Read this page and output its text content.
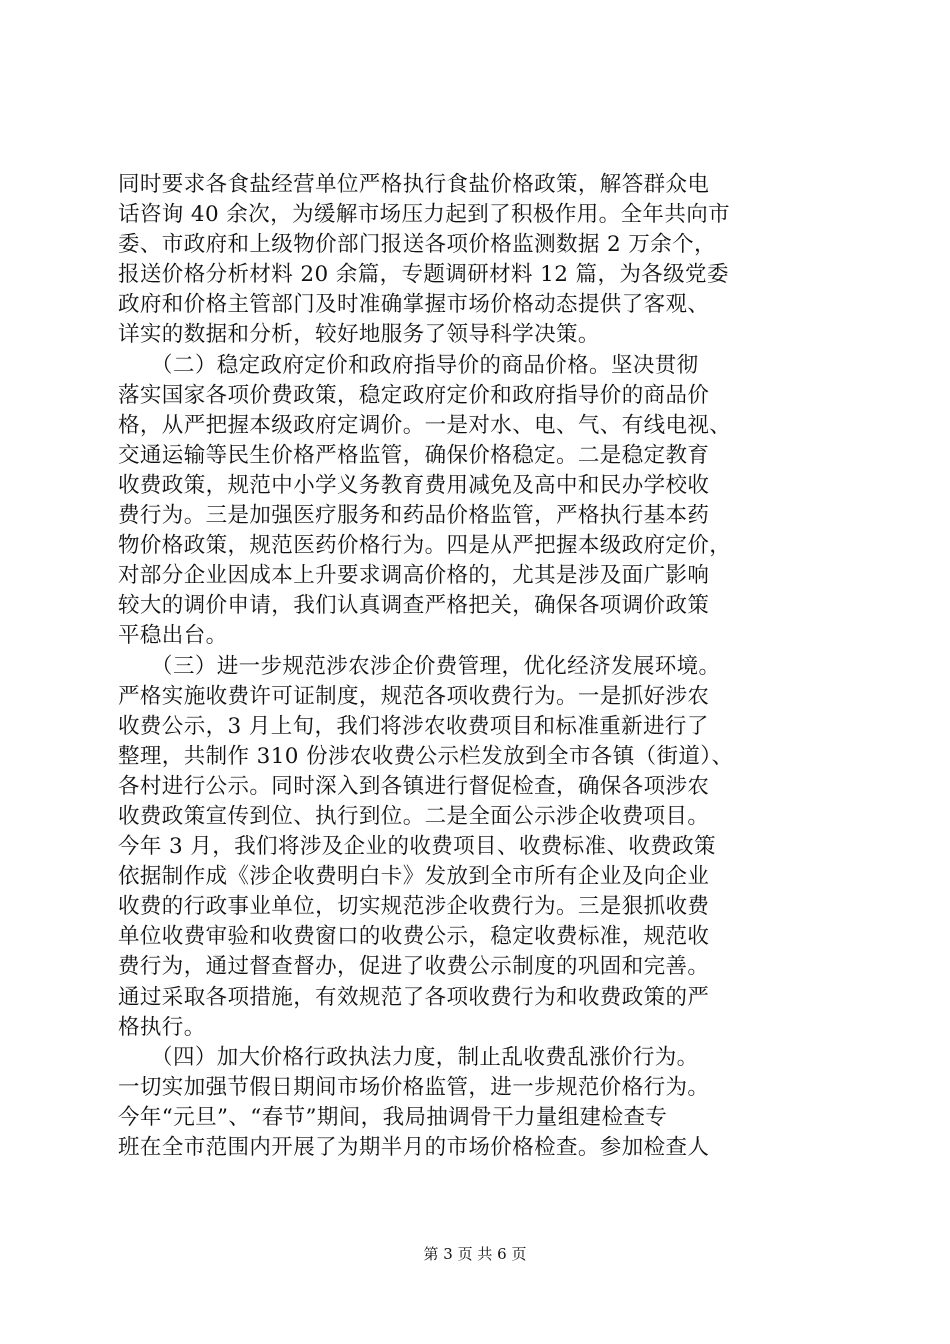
同时要求各食盐经营单位严格执行食盐价格政策，解答群众电
话咨询 40 余次，为缓解市场压力起到了积极作用。全年共向市
委、市政府和上级物价部门报送各项价格监测数据 2 万余个，
报送价格分析材料 20 余篇，专题调研材料 12 篇，为各级党委
政府和价格主管部门及时准确掌握市场价格动态提供了客观、
详实的数据和分析，较好地服务了领导科学决策。
　　（二）稳定政府定价和政府指导价的商品价格。坚决贯彻
落实国家各项价费政策，稳定政府定价和政府指导价的商品价
格，从严把握本级政府定调价。一是对水、电、气、有线电视、
交通运输等民生价格严格监管，确保价格稳定。二是稳定教育
收费政策，规范中小学义务教育费用减免及高中和民办学校收
费行为。三是加强医疗服务和药品价格监管，严格执行基本药
物价格政策，规范医药价格行为。四是从严把握本级政府定价，
对部分企业因成本上升要求调高价格的，尤其是涉及面广影响
较大的调价申请，我们认真调查严格把关，确保各项调价政策
平稳出台。
　　（三）进一步规范涉农涉企价费管理，优化经济发展环境。
严格实施收费许可证制度，规范各项收费行为。一是抓好涉农
收费公示，3 月上旬，我们将涉农收费项目和标准重新进行了
整理，共制作 310 份涉农收费公示栏发放到全市各镇（街道）、
各村进行公示。同时深入到各镇进行督促检查，确保各项涉农
收费政策宣传到位、执行到位。二是全面公示涉企收费项目。
今年 3 月，我们将涉及企业的收费项目、收费标准、收费政策
依据制作成《涉企收费明白卡》发放到全市所有企业及向企业
收费的行政事业单位，切实规范涉企收费行为。三是狠抓收费
单位收费审验和收费窗口的收费公示，稳定收费标准，规范收
费行为，通过督查督办，促进了收费公示制度的巩固和完善。
通过采取各项措施，有效规范了各项收费行为和收费政策的严
格执行。
　　（四）加大价格行政执法力度，制止乱收费乱涨价行为。
一切实加强节假日期间市场价格监管，进一步规范价格行为。
今年“元旦”、“春节”期间，我局抽调骨干力量组建检查专
班在全市范围内开展了为期半月的市场价格检查。参加检查人
第 3 页 共 6 页
